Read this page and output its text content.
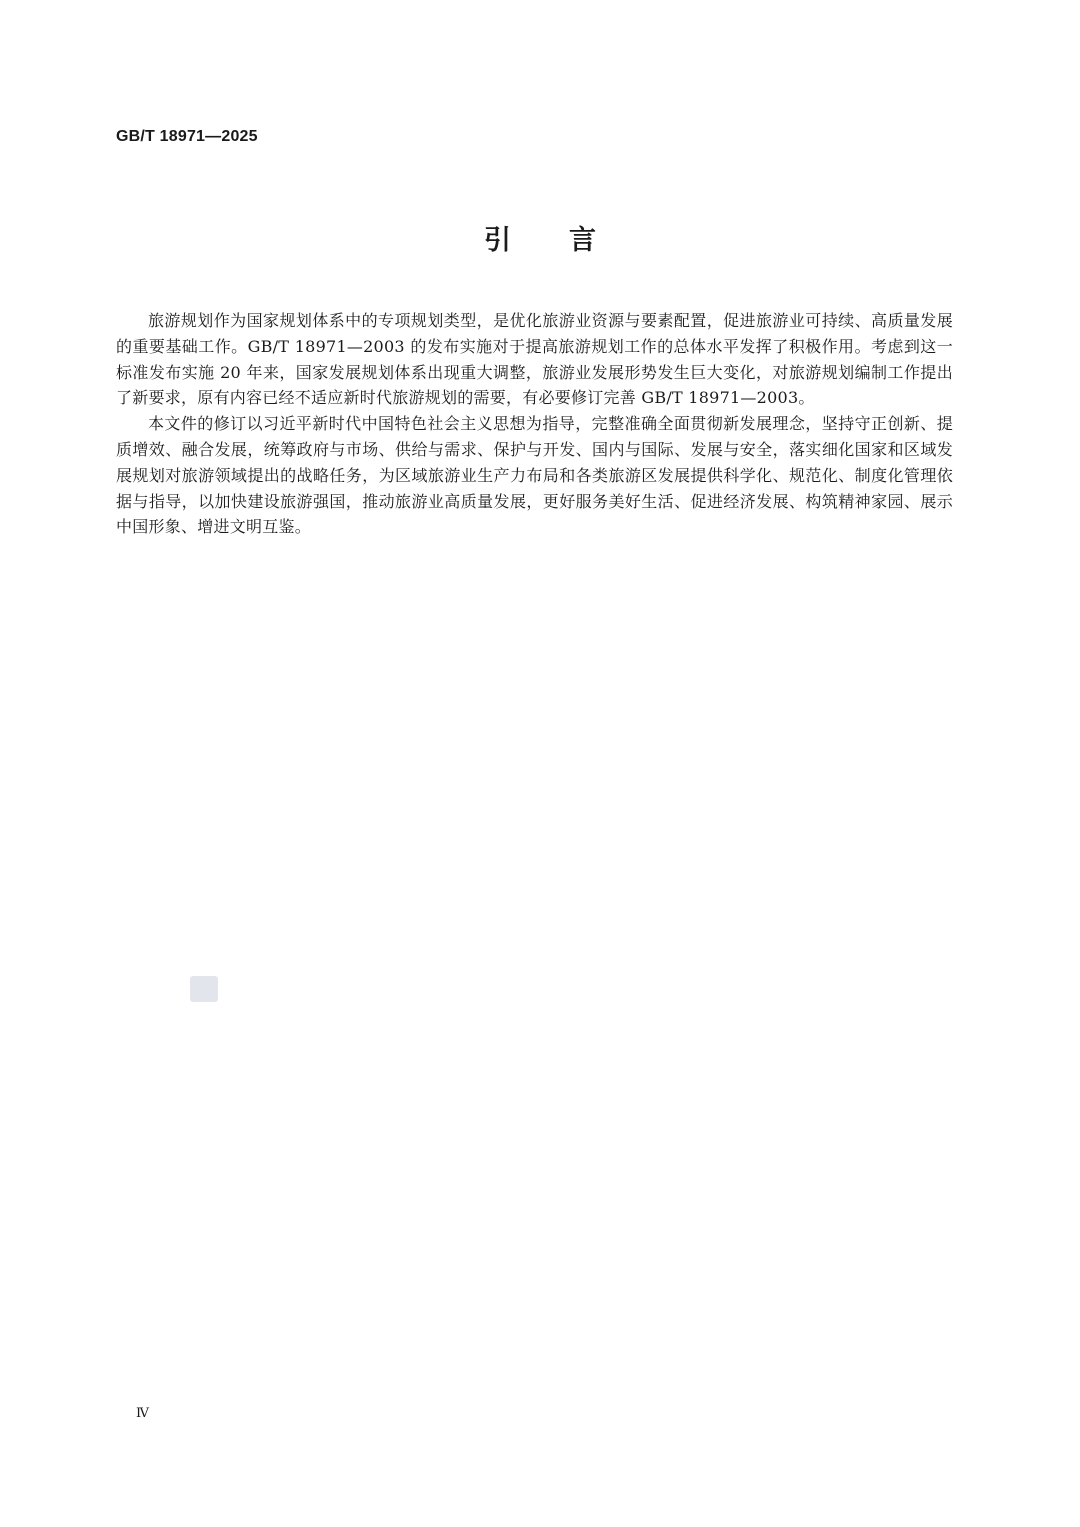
GB/T 18971—2025
引 言

旅游规划作为国家规划体系中的专项规划类型，是优化旅游业资源与要素配置，促进旅游业可持续、高质量发展的重要基础工作。GB/T 18971—2003 的发布实施对于提高旅游规划工作的总体水平发挥了积极作用。考虑到这一标准发布实施 20 年来，国家发展规划体系出现重大调整，旅游业发展形势发生巨大变化，对旅游规划编制工作提出了新要求，原有内容已经不适应新时代旅游规划的需要，有必要修订完善 GB/T 18971—2003。

本文件的修订以习近平新时代中国特色社会主义思想为指导，完整准确全面贯彻新发展理念，坚持守正创新、提质增效、融合发展，统筹政府与市场、供给与需求、保护与开发、国内与国际、发展与安全，落实细化国家和区域发展规划对旅游领域提出的战略任务，为区域旅游业生产力布局和各类旅游区发展提供科学化、规范化、制度化管理依据与指导，以加快建设旅游强国，推动旅游业高质量发展，更好服务美好生活、促进经济发展、构筑精神家园、展示中国形象、增进文明互鉴。

Ⅳ
